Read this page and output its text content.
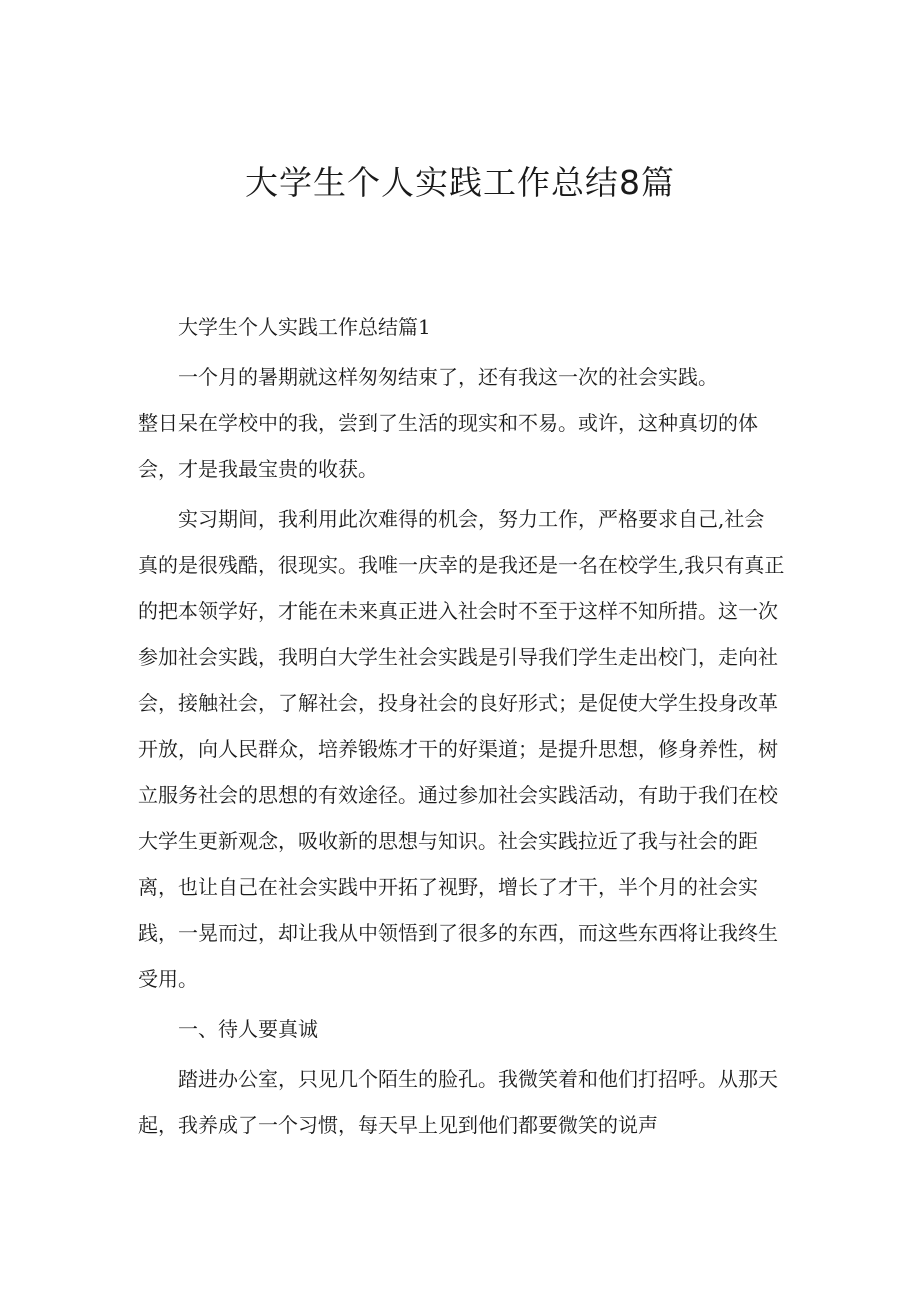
大学生个人实践工作总结8篇

大学生个人实践工作总结篇1

一个月的暑期就这样匆匆结束了，还有我这一次的社会实践。
整日呆在学校中的我，尝到了生活的现实和不易。或许，这种真切的体
会，才是我最宝贵的收获。

实习期间，我利用此次难得的机会，努力工作，严格要求自己,社会
真的是很残酷，很现实。我唯一庆幸的是我还是一名在校学生,我只有真正
的把本领学好，才能在未来真正进入社会时不至于这样不知所措。这一次
参加社会实践，我明白大学生社会实践是引导我们学生走出校门，走向社
会，接触社会，了解社会，投身社会的良好形式；是促使大学生投身改革
开放，向人民群众，培养锻炼才干的好渠道；是提升思想，修身养性，树
立服务社会的思想的有效途径。通过参加社会实践活动，有助于我们在校
大学生更新观念，吸收新的思想与知识。社会实践拉近了我与社会的距
离，也让自己在社会实践中开拓了视野，增长了才干，半个月的社会实
践，一晃而过，却让我从中领悟到了很多的东西，而这些东西将让我终生
受用。

一、待人要真诚

踏进办公室，只见几个陌生的脸孔。我微笑着和他们打招呼。从那天
起，我养成了一个习惯，每天早上见到他们都要微笑的说声
